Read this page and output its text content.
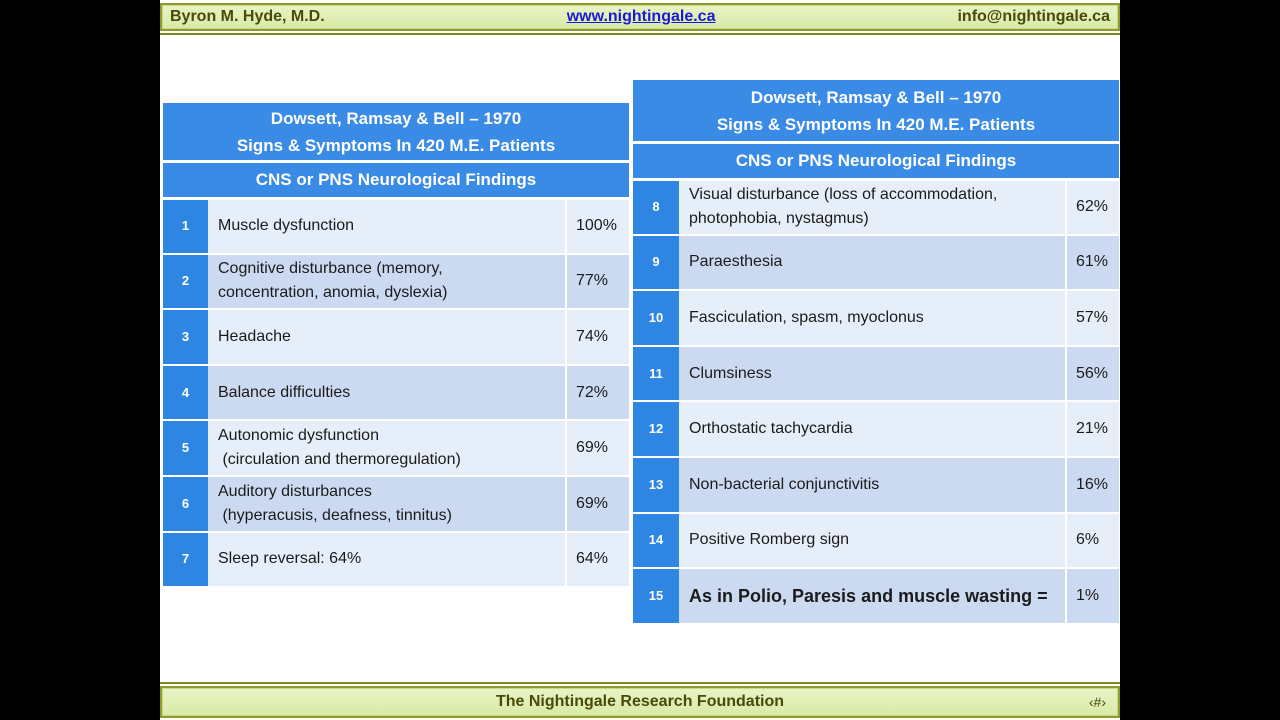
Byron M. Hyde, M.D.	www.nightingale.ca	info@nightingale.ca
Dowsett, Ramsay & Bell – 1970
Signs & Symptoms In 420 M.E. Patients		

CNS or PNS Neurological Findings		
1	Muscle dysfunction	100%
2	Cognitive disturbance (memory,
concentration, anomia, dyslexia)	77%
3	Headache	74%
4	Balance difficulties	72%
5	Autonomic dysfunction
(circulation and thermoregulation)	69%
6	Auditory disturbances
(hyperacusis, deafness, tinnitus)	69%
7	Sleep reversal: 64%	64%
Dowsett, Ramsay & Bell – 1970
Signs & Symptoms In 420 M.E. Patients		

CNS or PNS Neurological Findings		
8	Visual disturbance (loss of accommodation,
photophobia, nystagmus)	62%
9	Paraesthesia	61%
10	Fasciculation, spasm, myoclonus	57%
11	Clumsiness	56%
12	Orthostatic tachycardia	21%
13	Non-bacterial conjunctivitis	16%
14	Positive Romberg sign	6%
15	As in Polio, Paresis and muscle wasting =	1%
The Nightingale Research Foundation	‹#›
